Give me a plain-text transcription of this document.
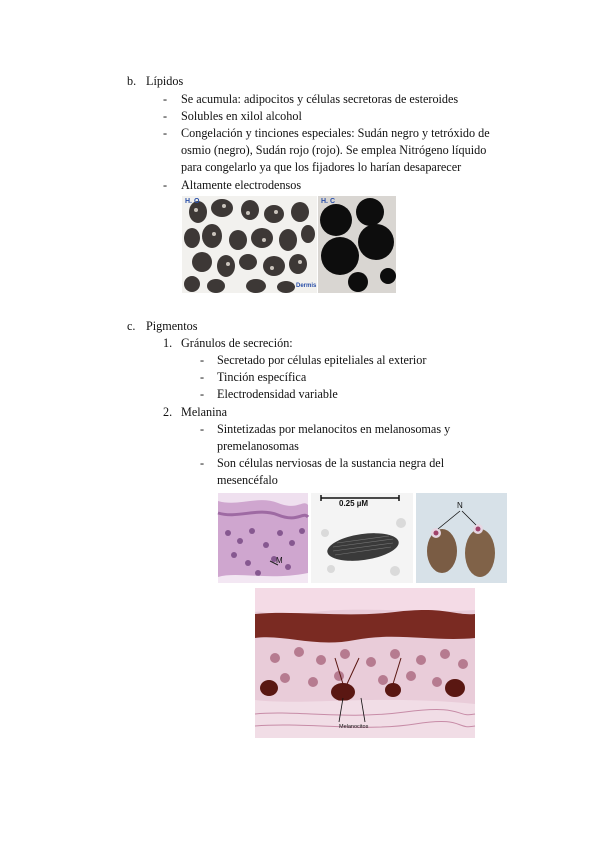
b. Lípidos
- Se acumula: adipocitos y células secretoras de esteroides
- Solubles en xilol alcohol
- Congelación y tinciones especiales: Sudán negro y tetróxido de
osmio (negro), Sudán rojo (rojo). Se emplea Nitrógeno líquido
para congelarlo ya que los fijadores lo harían desaparecer
- Altamente electrodensos
H. O	H. C
Dermis
c. Pigmentos
1. Gránulos de secreción:
- Secretado por células epiteliales al exterior
- Tinción específica
- Electrodensidad variable
2. Melanina
- Sintetizadas por melanocitos en melanosomas y
premelanosomas
- Son células nerviosas de la sustancia negra del
mesencéfalo
M
0.25 µM	N
Melanocitos
